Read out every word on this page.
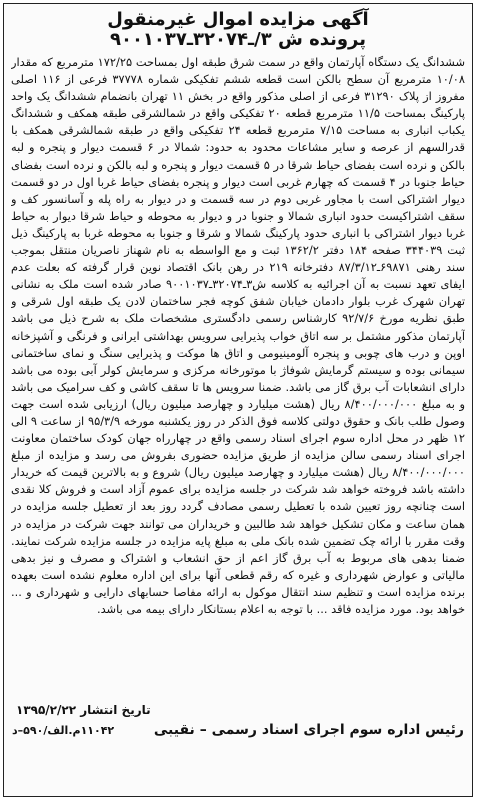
آگهی مزایده اموال غیرمنقول
پرونده ش ۳/ـ۳۲۰۷۴ـ۹۰۰۱۰۳۷
ششدانگ یک دستگاه آپارتمان واقع در سمت شرق طبقه اول بمساحت ۱۷۲/۲۵ مترمربع که مقدار ۱۰/۰۸ مترمربع آن سطح بالکن است قطعه ششم تفکیکی شماره ۳۷۷۷۸ فرعی از ۱۱۶ اصلی مفروز از پلاک ۳۱۲۹۰ فرعی از اصلی مذکور واقع در بخش ۱۱ تهران بانضمام ششدانگ یک واحد پارکینگ بمساحت ۱۱/۵ مترمربع قطعه ۲۰ تفکیکی واقع در شمالشرقی طبقه همکف و ششدانگ یکباب انباری به مساحت ۷/۱۵ مترمربع قطعه ۲۴ تفکیکی واقع در طبقه شمالشرقی همکف با قدرالسهم از عرصه و سایر مشاعات محدود به حدود: شمالا در ۶ قسمت دیوار و پنجره و لبه بالکن و نرده است بفضای حیاط شرقا در ۵ قسمت دیوار و پنجره و لبه بالکن و نرده است بفضای حیاط جنوبا در ۴ قسمت که چهارم غربی است دیوار و پنجره بفضای حیاط غربا اول در دو قسمت دیوار اشتراکی است با مجاور غربی دوم در سه قسمت و در دیوار به راه پله و آسانسور کف و سقف اشتراکیست حدود انباری شمالا و جنوبا در و دیوار به محوطه و حیاط شرقا دیوار به حیاط غربا دیوار اشتراکی با انباری حدود پارکینگ شمالا و شرقا و جنوبا به محوطه غربا به پارکینگ ذیل ثبت ۳۴۴۰۳۹ صفحه ۱۸۴ دفتر ۱۳۶۲/۲ ثبت و مع الواسطه به نام شهناز ناصریان منتقل بموجب سند رهنی ۶۹۸۷۱ـ۸۷/۳/۱۲ دفترخانه ۲۱۹ در رهن بانک اقتصاد نوین قرار گرفته که بعلت عدم ایفای تعهد نسبت به آن اجرائیه به کلاسه ش۳ـ۳۲۰۷۴ـ۹۰۰۱۰۳۷ صادر شده است ملک به نشانی تهران شهرک غرب بلوار دادمان خیابان شفق کوچه فجر ساختمان لادن یک طبقه اول شرقی و طبق نظریه مورخ ۹۲/۷/۶ کارشناس رسمی دادگستری مشخصات ملک به شرح ذیل می باشد آپارتمان مذکور مشتمل بر سه اتاق خواب پذیرایی سرویس بهداشتی ایرانی و فرنگی و آشپزخانه اوپن و درب های چوبی و پنجره آلومینیومی و اتاق ها موکت و پذیرایی سنگ و نمای ساختمانی سیمانی بوده و سیستم گرمایش شوفاژ با موتورخانه مرکزی و سرمایش کولر آبی بوده می باشد دارای انشعابات آب برق گاز می باشد. ضمنا سرویس ها تا سقف کاشی و کف سرامیک می باشد و به مبلغ ۸/۴۰۰/۰۰۰/۰۰۰ ریال (هشت میلیارد و چهارصد میلیون ریال) ارزیابی شده است جهت وصول طلب بانک و حقوق دولتی کلاسه فوق الذکر در روز یکشنبه مورخه ۹۵/۳/۹ از ساعت ۹ الی ۱۲ ظهر در محل اداره سوم اجرای اسناد رسمی واقع در چهارراه جهان کودک ساختمان معاونت اجرای اسناد رسمی سالن مزایده از طریق مزایده حضوری بفروش می رسد و مزایده از مبلغ ۸/۴۰۰/۰۰۰/۰۰۰ ریال (هشت میلیارد و چهارصد میلیون ریال) شروع و به بالاترین قیمت که خریدار داشته باشد فروخته خواهد شد شرکت در جلسه مزایده برای عموم آزاد است و فروش کلا نقدی است چنانچه روز تعیین شده با تعطیل رسمی مصادف گردد روز بعد از تعطیل جلسه مزایده در همان ساعت و مکان تشکیل خواهد شد طالبین و خریداران می توانند جهت شرکت در مزایده در وقت مقرر با ارائه چک تضمین شده بانک ملی به مبلغ پایه مزایده در جلسه مزایده شرکت نمایند. ضمنا بدهی های مربوط به آب برق گاز اعم از حق انشعاب و اشتراک و مصرف و نیز بدهی مالیاتی و عوارض شهرداری و غیره که رقم قطعی آنها برای این اداره معلوم نشده است بعهده برنده مزایده است و تنظیم سند انتقال موکول به ارائه مفاصا حسابهای دارایی و شهرداری و ... خواهد بود. مورد مزایده فاقد ... با توجه به اعلام بستانکار دارای بیمه می باشد.
تاریخ انتشار ۱۳۹۵/۲/۲۲
رئیس اداره سوم اجرای اسناد رسمی – نقیبی
۱۱۰۴۲م.الف/۵۹۰–د
